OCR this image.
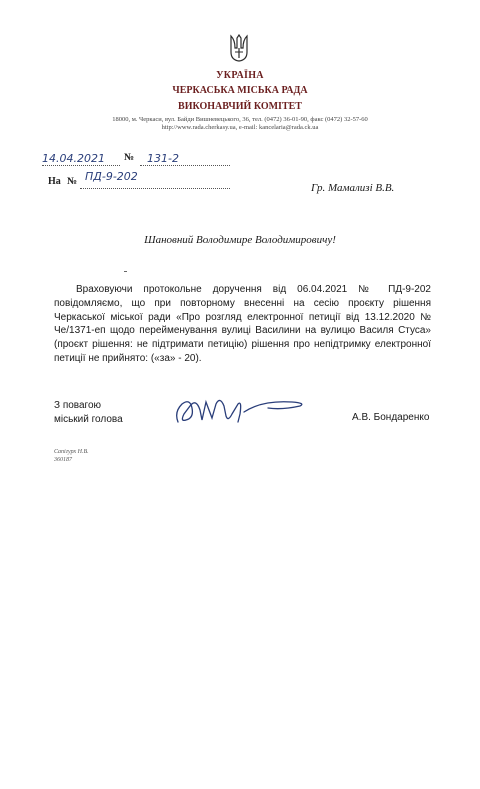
УКРАЇНА
ЧЕРКАСЬКА МІСЬКА РАДА
ВИКОНАВЧИЙ КОМІТЕТ
18000, м. Черкаси, вул. Байди Вишневецького, 36, тел. (0472) 36-01-90, факс (0472) 32-57-60
http://www.rada.cherkasy.ua, e-mail: kancelaria@rada.ck.ua
14.04.2021 № 131-2
На № ПД-9-202
Гр. Мамализі В.В.
Шановний Володимире Володимировичу!
Враховуючи протокольне доручення від 06.04.2021 № ПД-9-202 повідомляємо, що при повторному внесенні на сесію проєкту рішення Черкаської міської ради «Про розгляд електронної петиції від 13.12.2020 № Че/1371-еп щодо перейменування вулиці Василини на вулицю Василя Стуса» (проєкт рішення: не підтримати петицію) рішення про непідтримку електронної петиції не прийнято: («за» - 20).
З повагою
міський голова	А.В. Бондаренко
Сапігурх Н.В.
360187
